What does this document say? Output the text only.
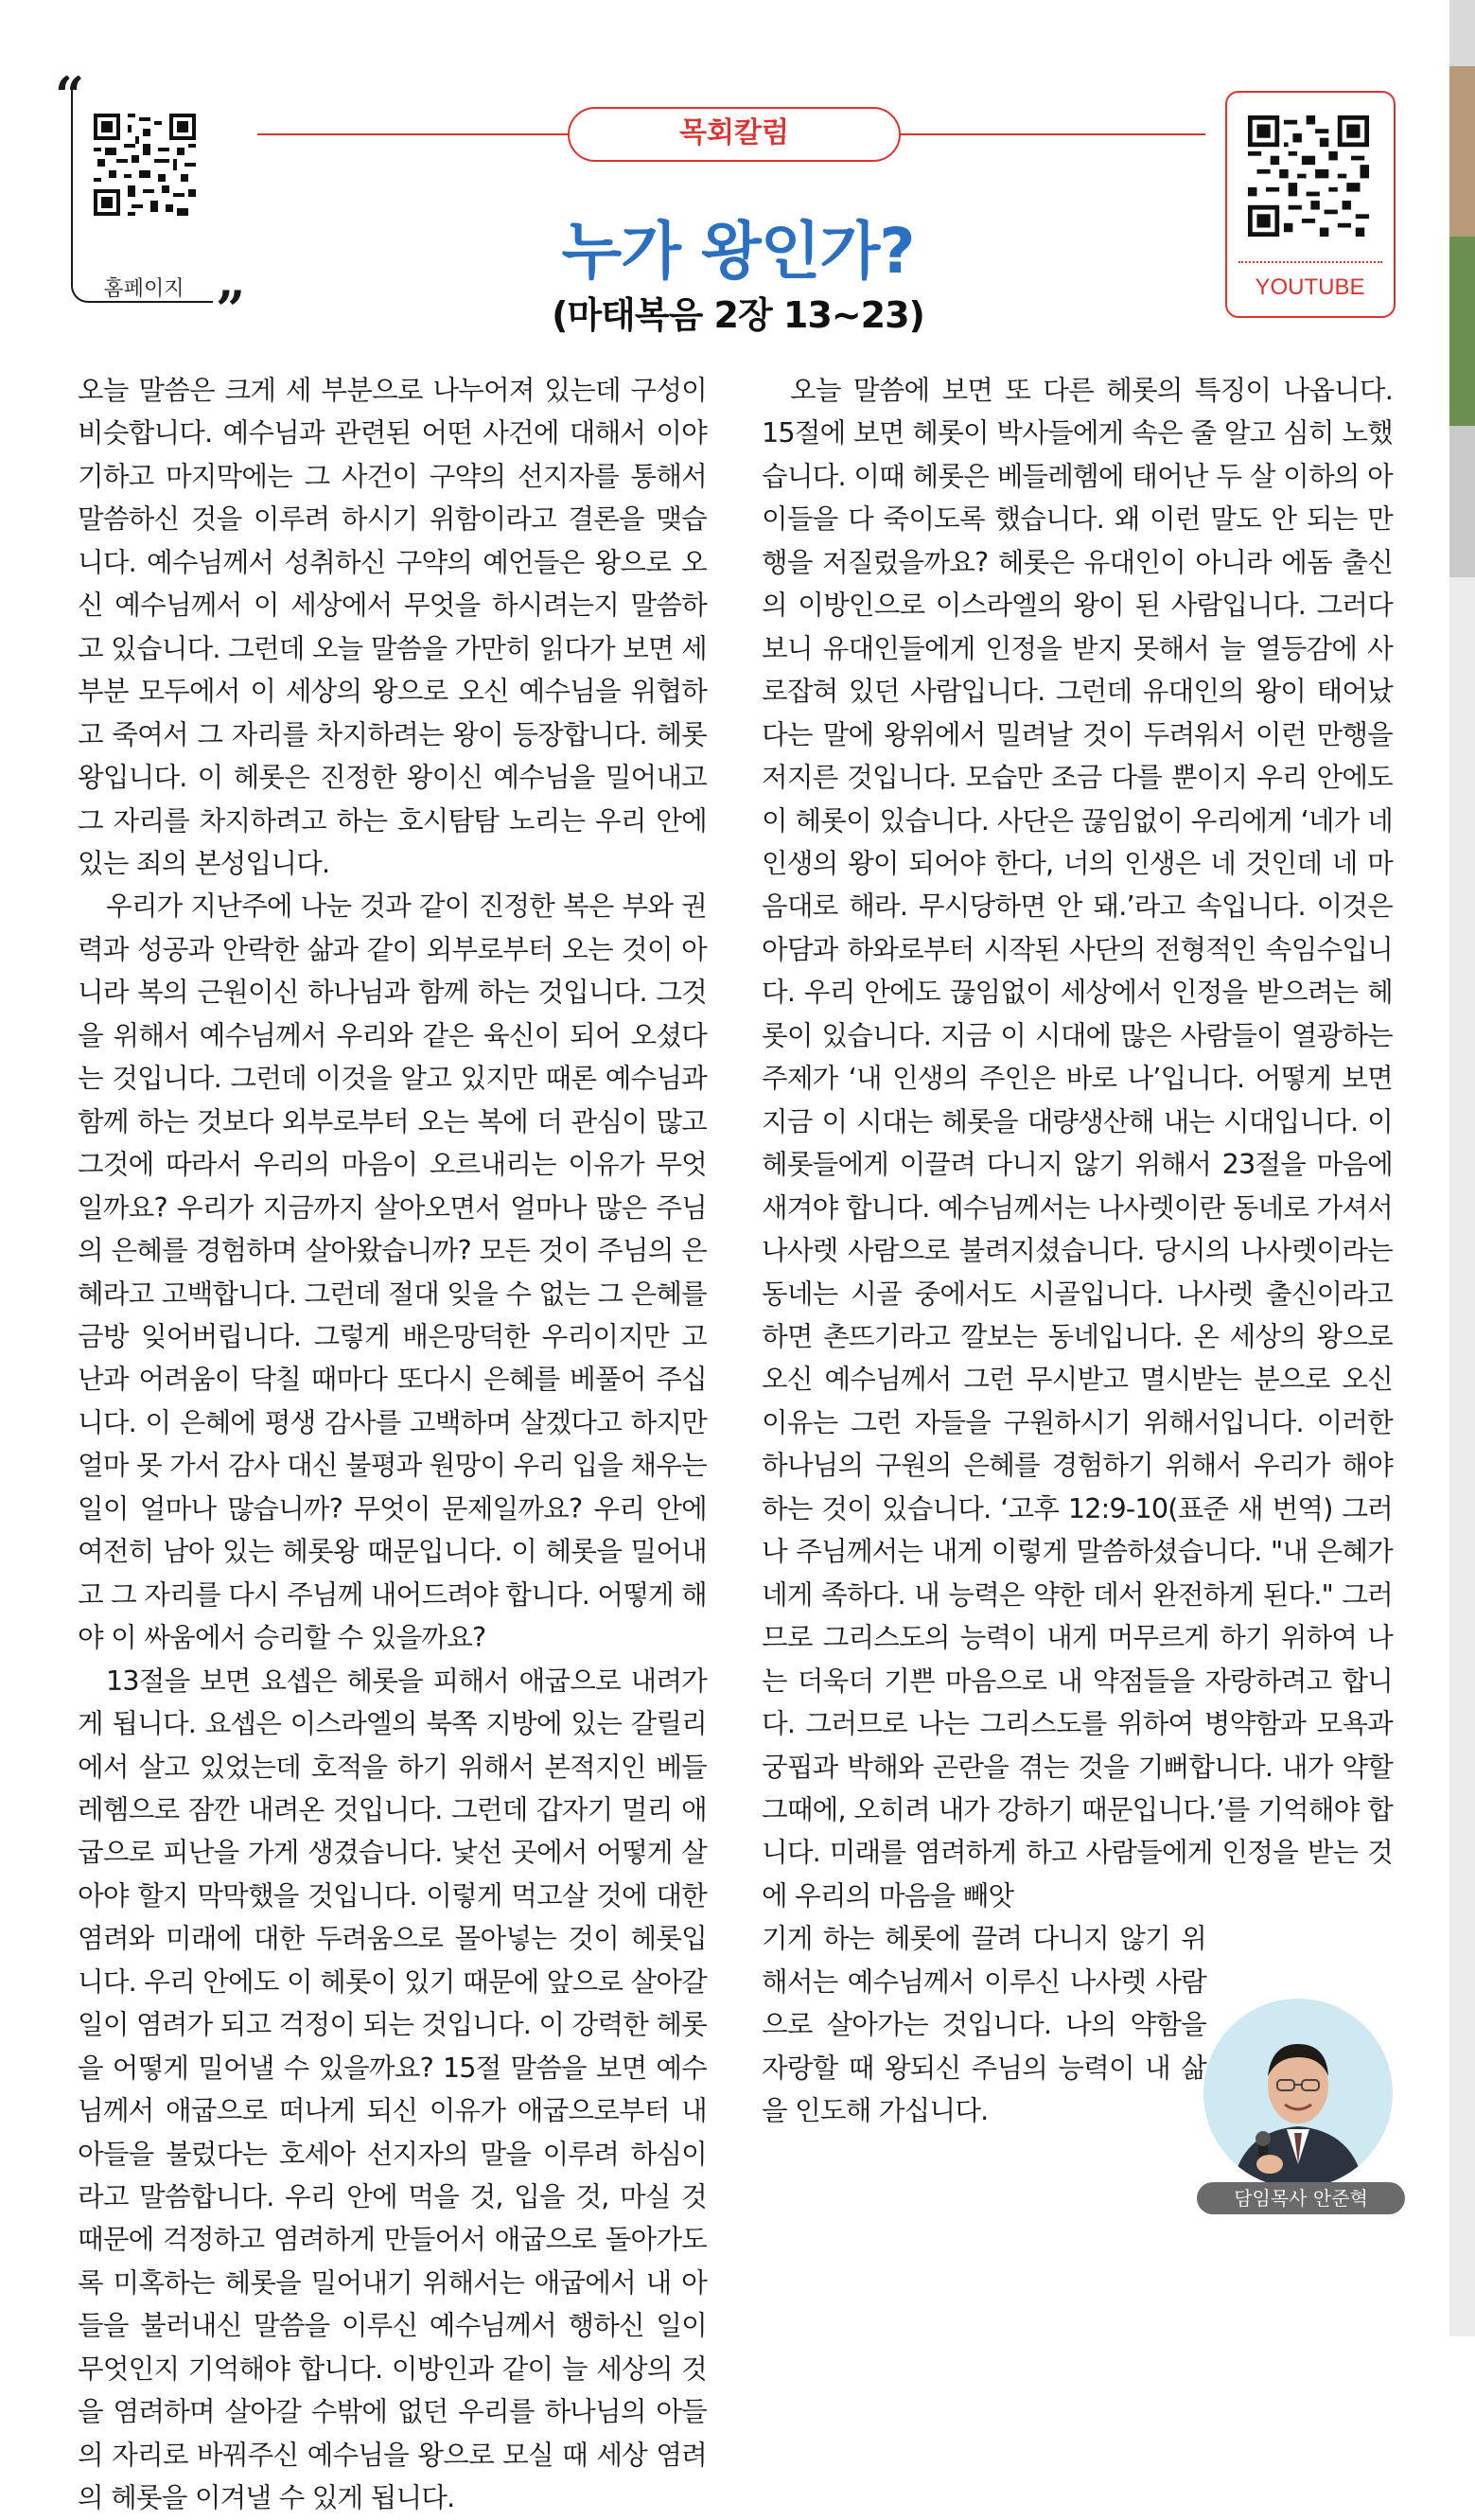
“
홈페이지 ”
목회칼럼
누가 왕인가?
(마태복음 2장 13~23)
YOUTUBE

오늘 말씀은 크게 세 부분으로 나누어져 있는데 구성이 비슷합니다. 예수님과 관련된 어떤 사건에 대해서 이야기하고 마지막에는 그 사건이 구약의 선지자를 통해서 말씀하신 것을 이루려 하시기 위함이라고 결론을 맺습니다. 예수님께서 성취하신 구약의 예언들은 왕으로 오신 예수님께서 이 세상에서 무엇을 하시려는지 말씀하고 있습니다. 그런데 오늘 말씀을 가만히 읽다가 보면 세 부분 모두에서 이 세상의 왕으로 오신 예수님을 위협하고 죽여서 그 자리를 차지하려는 왕이 등장합니다. 헤롯왕입니다. 이 헤롯은 진정한 왕이신 예수님을 밀어내고 그 자리를 차지하려고 하는 호시탐탐 노리는 우리 안에 있는 죄의 본성입니다.

우리가 지난주에 나눈 것과 같이 진정한 복은 부와 권력과 성공과 안락한 삶과 같이 외부로부터 오는 것이 아니라 복의 근원이신 하나님과 함께 하는 것입니다. 그것을 위해서 예수님께서 우리와 같은 육신이 되어 오셨다는 것입니다. 그런데 이것을 알고 있지만 때론 예수님과 함께 하는 것보다 외부로부터 오는 복에 더 관심이 많고 그것에 따라서 우리의 마음이 오르내리는 이유가 무엇일까요? 우리가 지금까지 살아오면서 얼마나 많은 주님의 은혜를 경험하며 살아왔습니까? 모든 것이 주님의 은혜라고 고백합니다. 그런데 절대 잊을 수 없는 그 은혜를 금방 잊어버립니다. 그렇게 배은망덕한 우리이지만 고난과 어려움이 닥칠 때마다 또다시 은혜를 베풀어 주십니다. 이 은혜에 평생 감사를 고백하며 살겠다고 하지만 얼마 못 가서 감사 대신 불평과 원망이 우리 입을 채우는 일이 얼마나 많습니까? 무엇이 문제일까요? 우리 안에 여전히 남아 있는 헤롯왕 때문입니다. 이 헤롯을 밀어내고 그 자리를 다시 주님께 내어드려야 합니다. 어떻게 해야 이 싸움에서 승리할 수 있을까요?

13절을 보면 요셉은 헤롯을 피해서 애굽으로 내려가게 됩니다. 요셉은 이스라엘의 북쪽 지방에 있는 갈릴리에서 살고 있었는데 호적을 하기 위해서 본적지인 베들레헴으로 잠깐 내려온 것입니다. 그런데 갑자기 멀리 애굽으로 피난을 가게 생겼습니다. 낯선 곳에서 어떻게 살아야 할지 막막했을 것입니다. 이렇게 먹고살 것에 대한 염려와 미래에 대한 두려움으로 몰아넣는 것이 헤롯입니다. 우리 안에도 이 헤롯이 있기 때문에 앞으로 살아갈 일이 염려가 되고 걱정이 되는 것입니다. 이 강력한 헤롯을 어떻게 밀어낼 수 있을까요? 15절 말씀을 보면 예수님께서 애굽으로 떠나게 되신 이유가 애굽으로부터 내 아들을 불렀다는 호세아 선지자의 말을 이루려 하심이라고 말씀합니다. 우리 안에 먹을 것, 입을 것, 마실 것 때문에 걱정하고 염려하게 만들어서 애굽으로 돌아가도록 미혹하는 헤롯을 밀어내기 위해서는 애굽에서 내 아들을 불러내신 말씀을 이루신 예수님께서 행하신 일이 무엇인지 기억해야 합니다. 이방인과 같이 늘 세상의 것을 염려하며 살아갈 수밖에 없던 우리를 하나님의 아들의 자리로 바꿔주신 예수님을 왕으로 모실 때 세상 염려의 헤롯을 이겨낼 수 있게 됩니다.

오늘 말씀에 보면 또 다른 헤롯의 특징이 나옵니다. 15절에 보면 헤롯이 박사들에게 속은 줄 알고 심히 노했습니다. 이때 헤롯은 베들레헴에 태어난 두 살 이하의 아이들을 다 죽이도록 했습니다. 왜 이런 말도 안 되는 만행을 저질렀을까요? 헤롯은 유대인이 아니라 에돔 출신의 이방인으로 이스라엘의 왕이 된 사람입니다. 그러다 보니 유대인들에게 인정을 받지 못해서 늘 열등감에 사로잡혀 있던 사람입니다. 그런데 유대인의 왕이 태어났다는 말에 왕위에서 밀려날 것이 두려워서 이런 만행을 저지른 것입니다. 모습만 조금 다를 뿐이지 우리 안에도 이 헤롯이 있습니다. 사단은 끊임없이 우리에게 ‘네가 네 인생의 왕이 되어야 한다, 너의 인생은 네 것인데 네 마음대로 해라. 무시당하면 안 돼.’라고 속입니다. 이것은 아담과 하와로부터 시작된 사단의 전형적인 속임수입니다. 우리 안에도 끊임없이 세상에서 인정을 받으려는 헤롯이 있습니다. 지금 이 시대에 많은 사람들이 열광하는 주제가 ‘내 인생의 주인은 바로 나’입니다. 어떻게 보면 지금 이 시대는 헤롯을 대량생산해 내는 시대입니다. 이 헤롯들에게 이끌려 다니지 않기 위해서 23절을 마음에 새겨야 합니다. 예수님께서는 나사렛이란 동네로 가셔서 나사렛 사람으로 불려지셨습니다. 당시의 나사렛이라는 동네는 시골 중에서도 시골입니다. 나사렛 출신이라고 하면 촌뜨기라고 깔보는 동네입니다. 온 세상의 왕으로 오신 예수님께서 그런 무시받고 멸시받는 분으로 오신 이유는 그런 자들을 구원하시기 위해서입니다. 이러한 하나님의 구원의 은혜를 경험하기 위해서 우리가 해야 하는 것이 있습니다. ‘고후 12:9-10(표준 새 번역) 그러나 주님께서는 내게 이렇게 말씀하셨습니다. "내 은혜가 네게 족하다. 내 능력은 약한 데서 완전하게 된다." 그러므로 그리스도의 능력이 내게 머무르게 하기 위하여 나는 더욱더 기쁜 마음으로 내 약점들을 자랑하려고 합니다. 그러므로 나는 그리스도를 위하여 병약함과 모욕과 궁핍과 박해와 곤란을 겪는 것을 기뻐합니다. 내가 약할 그때에, 오히려 내가 강하기 때문입니다.’를 기억해야 합니다. 미래를 염려하게 하고 사람들에게 인정을 받는 것에 우리의 마음을 빼앗

기게 하는 헤롯에 끌려 다니지 않기 위해서는 예수님께서 이루신 나사렛 사람으로 살아가는 것입니다. 나의 약함을 자랑할 때 왕되신 주님의 능력이 내 삶을 인도해 가십니다.

담임목사 안준혁
